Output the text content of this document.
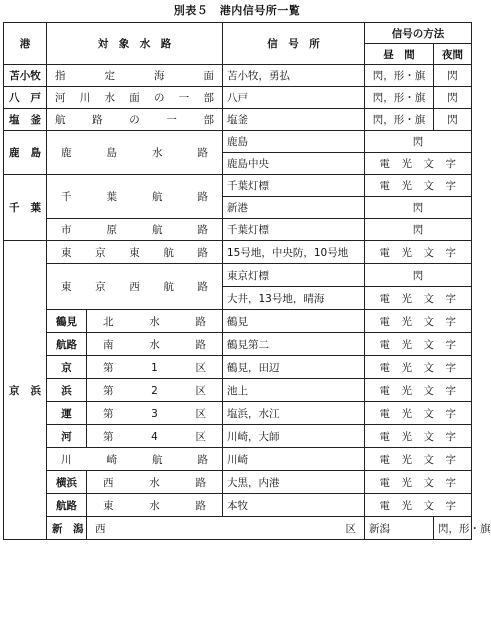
別表５　港内信号所一覧
港	対　象　水　路		信　号　所	信号の方法		
				昼　間	夜間	
苫小牧	指　定　海　面		苫小牧，勇払	閃，形・旗	閃	
八戸	河川水面の一部		八戸	閃，形・旗	閃	
塩釜	航　路　の　一　部		塩釜	閃，形・旗	閃	
鹿　島	鹿　島　水　路		鹿島	閃		
			鹿島中央	電　光　文　字		
千　葉	千　葉　航　路		千葉灯標	電　光　文　字		
			新港	閃		
	市　原　航　路		千葉灯標	閃		
京　浜	東　京　東　航　路		15号地，中央防，10号地	電　光　文　字		
	東　京　西　航　路		東京灯標	閃		
			大井，13号地，晴海	電　光　文　字		
	鶴見	北　水　路	鶴見	電　光　文　字		
	航路	南　水　路	鶴見第二	電　光　文　字		
	京	第　1　区	鶴見，田辺	電　光　文　字		
	浜	第　2　区	池上	電　光　文　字		
	運	第　3　区	塩浜，水江	電　光　文　字		
	河	第　4　区	川崎，大師	電　光　文　字		
	川　崎　航　路		川崎	電　光　文　字		
	横浜	西　水　路	大黒，内港	電　光　文　字		
	航路	東　水　路	本牧	電　光　文　字		
	新　潟	西　区		新潟	閃，形・旗	
